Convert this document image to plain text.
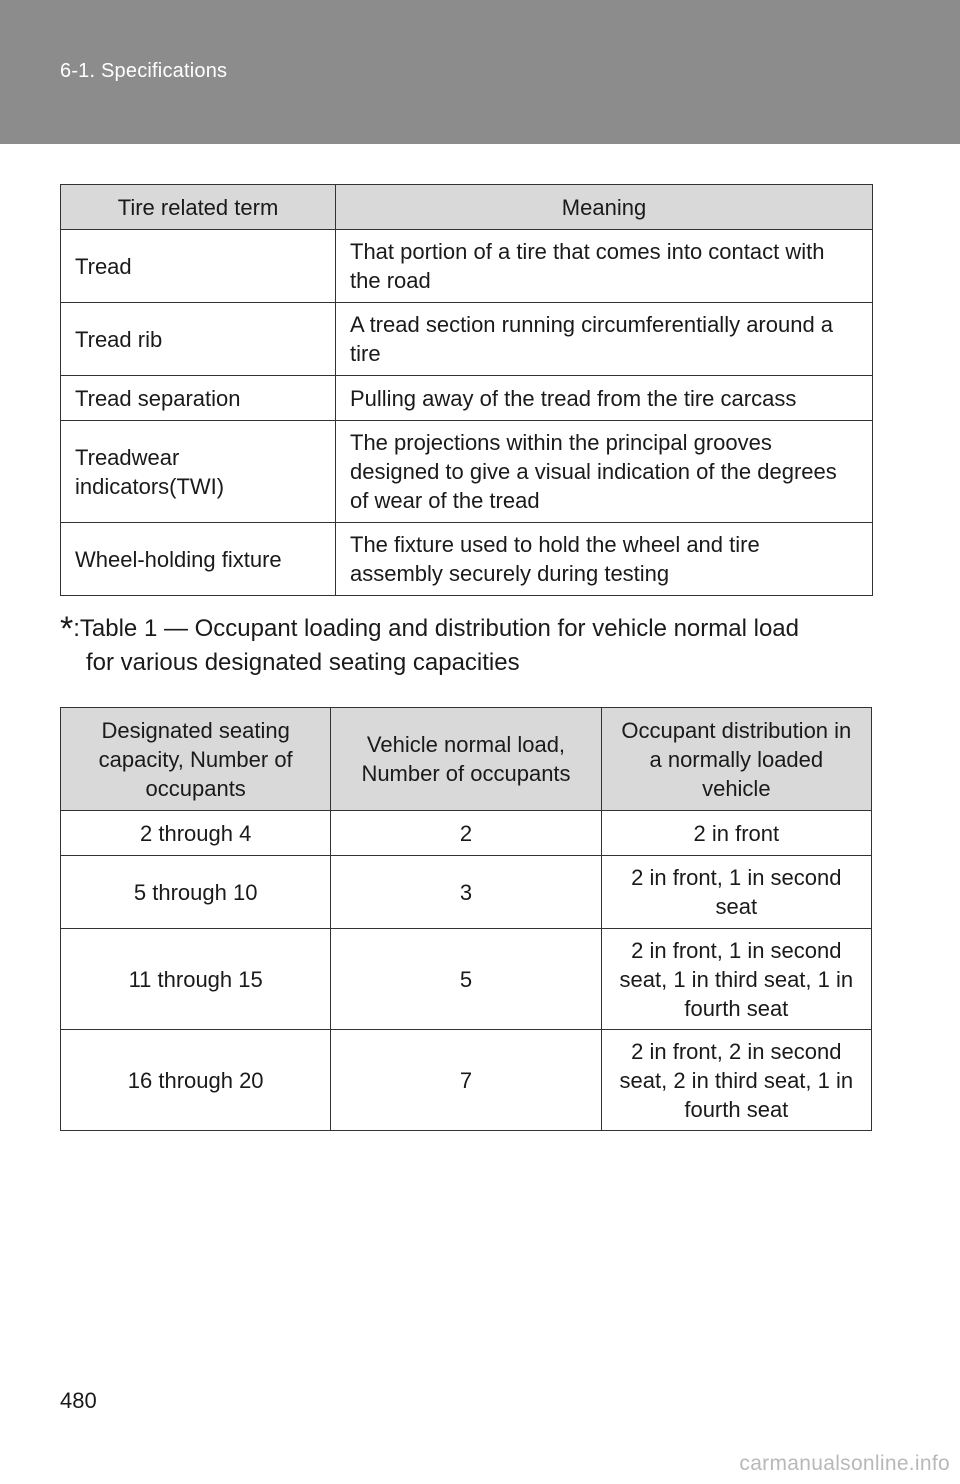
6-1. Specifications
Tire related term	Meaning
Tread	That portion of a tire that comes into contact with the road
Tread rib	A tread section running circumferentially around a tire
Tread separation	Pulling away of the tread from the tire carcass
Treadwear indicators(TWI)	The projections within the principal grooves designed to give a visual indication of the degrees of wear of the tread
Wheel-holding fixture	The fixture used to hold the wheel and tire assembly securely during testing
*:Table 1 — Occupant loading and distribution for vehicle normal load
for various designated seating capacities
Designated seating capacity, Number of occupants	Vehicle normal load, Number of occupants	Occupant distribution in a normally loaded vehicle
2 through 4	2	2 in front
5 through 10	3	2 in front, 1 in second seat
11 through 15	5	2 in front, 1 in second seat, 1 in third seat, 1 in fourth seat
16 through 20	7	2 in front, 2 in second seat, 2 in third seat, 1 in fourth seat
480
carmanualsonline.info
